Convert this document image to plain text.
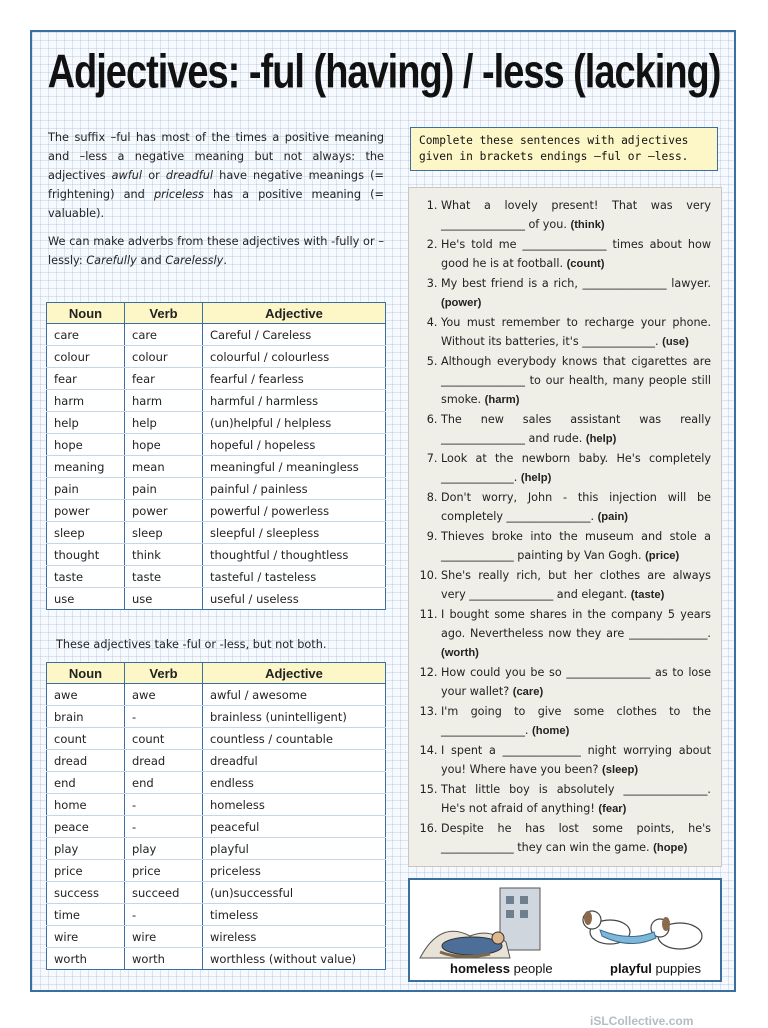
Adjectives: -ful (having) / -less (lacking)
The suffix –ful has most of the times a positive meaning and –less a negative meaning but not always: the adjectives awful or dreadful have negative meanings (= frightening) and priceless has a positive meaning (= valuable).
We can make adverbs from these adjectives with -fully or –lessly: Carefully and Carelessly.
Noun	Verb	Adjective
care	care	Careful / Careless
colour	colour	colourful / colourless
fear	fear	fearful / fearless
harm	harm	harmful / harmless
help	help	(un)helpful / helpless
hope	hope	hopeful / hopeless
meaning	mean	meaningful / meaningless
pain	pain	painful / painless
power	power	powerful / powerless
sleep	sleep	sleepful / sleepless
thought	think	thoughtful / thoughtless
taste	taste	tasteful / tasteless
use	use	useful / useless
These adjectives take -ful or -less, but not both.
Noun	Verb	Adjective
awe	awe	awful / awesome
brain	-	brainless (unintelligent)
count	count	countless / countable
dread	dread	dreadful
end	end	endless
home	-	homeless
peace	-	peaceful
play	play	playful
price	price	priceless
success	succeed	(un)successful
time	-	timeless
wire	wire	wireless
worth	worth	worthless (without value)
Complete these sentences with adjectives given in brackets endings –ful or –less.
1. What a lovely present! That was very _______________ of you. (think)
2. He's told me _______________ times about how good he is at football. (count)
3. My best friend is a rich, _______________ lawyer. (power)
4. You must remember to recharge your phone. Without its batteries, it's _____________. (use)
5. Although everybody knows that cigarettes are _______________ to our health, many people still smoke. (harm)
6. The new sales assistant was really _______________ and rude. (help)
7. Look at the newborn baby. He's completely _____________. (help)
8. Don't worry, John - this injection will be completely _______________. (pain)
9. Thieves broke into the museum and stole a _____________ painting by Van Gogh. (price)
10. She's really rich, but her clothes are always very _______________ and elegant. (taste)
11. I bought some shares in the company 5 years ago. Nevertheless now they are ______________. (worth)
12. How could you be so _______________ as to lose your wallet? (care)
13. I'm going to give some clothes to the _______________. (home)
14. I spent a ______________ night worrying about you! Where have you been? (sleep)
15. That little boy is absolutely _______________. He's not afraid of anything! (fear)
16. Despite he has lost some points, he's _____________ they can win the game. (hope)
homeless people	playful puppies
iSLCollective.com
